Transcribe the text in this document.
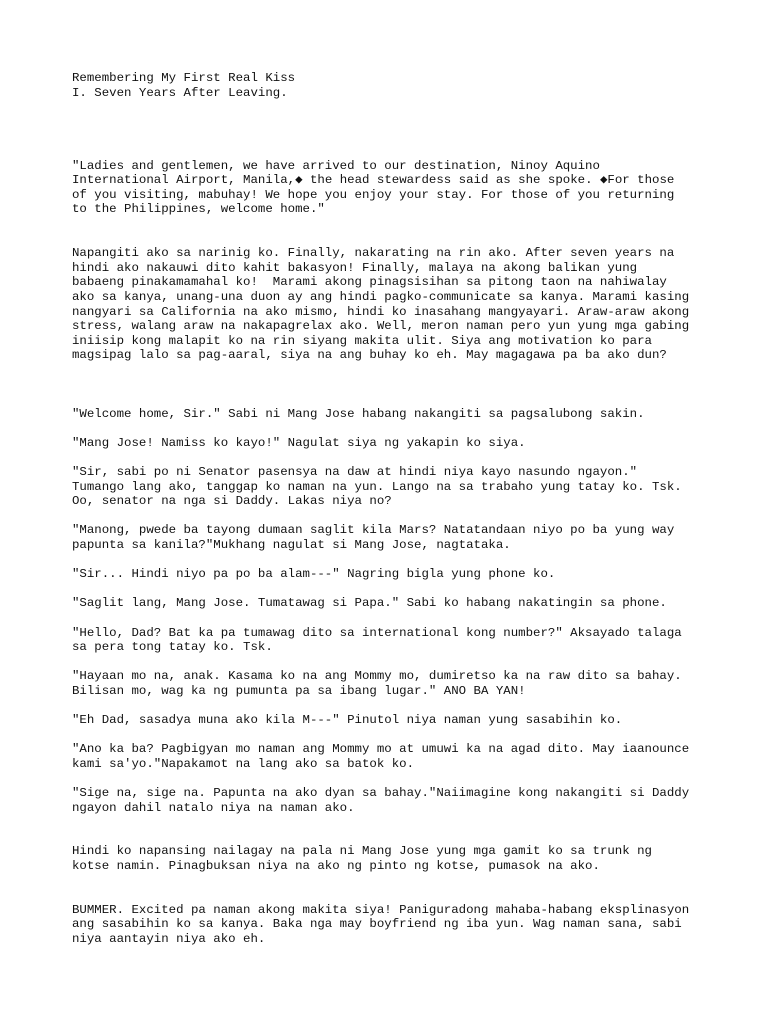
Remembering My First Real Kiss
I. Seven Years After Leaving.
"Ladies and gentlemen, we have arrived to our destination, Ninoy Aquino
International Airport, Manila,◆ the head stewardess said as she spoke. ◆For those
of you visiting, mabuhay! We hope you enjoy your stay. For those of you returning
to the Philippines, welcome home."
Napangiti ako sa narinig ko. Finally, nakarating na rin ako. After seven years na
hindi ako nakauwi dito kahit bakasyon! Finally, malaya na akong balikan yung
babaeng pinakamamahal ko!  Marami akong pinagsisihan sa pitong taon na nahiwalay
ako sa kanya, unang-una duon ay ang hindi pagko-communicate sa kanya. Marami kasing
nangyari sa California na ako mismo, hindi ko inasahang mangyayari. Araw-araw akong
stress, walang araw na nakapagrelax ako. Well, meron naman pero yun yung mga gabing
iniisip kong malapit ko na rin siyang makita ulit. Siya ang motivation ko para
magsipag lalo sa pag-aaral, siya na ang buhay ko eh. May magagawa pa ba ako dun?
"Welcome home, Sir." Sabi ni Mang Jose habang nakangiti sa pagsalubong sakin.
"Mang Jose! Namiss ko kayo!" Nagulat siya ng yakapin ko siya.
"Sir, sabi po ni Senator pasensya na daw at hindi niya kayo nasundo ngayon."
Tumango lang ako, tanggap ko naman na yun. Lango na sa trabaho yung tatay ko. Tsk.
Oo, senator na nga si Daddy. Lakas niya no?
"Manong, pwede ba tayong dumaan saglit kila Mars? Natatandaan niyo po ba yung way
papunta sa kanila?"Mukhang nagulat si Mang Jose, nagtataka.
"Sir... Hindi niyo pa po ba alam---" Nagring bigla yung phone ko.
"Saglit lang, Mang Jose. Tumatawag si Papa." Sabi ko habang nakatingin sa phone.
"Hello, Dad? Bat ka pa tumawag dito sa international kong number?" Aksayado talaga
sa pera tong tatay ko. Tsk.
"Hayaan mo na, anak. Kasama ko na ang Mommy mo, dumiretso ka na raw dito sa bahay.
Bilisan mo, wag ka ng pumunta pa sa ibang lugar." ANO BA YAN!
"Eh Dad, sasadya muna ako kila M---" Pinutol niya naman yung sasabihin ko.
"Ano ka ba? Pagbigyan mo naman ang Mommy mo at umuwi ka na agad dito. May iaanounce
kami sa'yo."Napakamot na lang ako sa batok ko.
"Sige na, sige na. Papunta na ako dyan sa bahay."Naiimagine kong nakangiti si Daddy
ngayon dahil natalo niya na naman ako.
Hindi ko napansing nailagay na pala ni Mang Jose yung mga gamit ko sa trunk ng
kotse namin. Pinagbuksan niya na ako ng pinto ng kotse, pumasok na ako.
BUMMER. Excited pa naman akong makita siya! Paniguradong mahaba-habang eksplinasyon
ang sasabihin ko sa kanya. Baka nga may boyfriend ng iba yun. Wag naman sana, sabi
niya aantayin niya ako eh.
